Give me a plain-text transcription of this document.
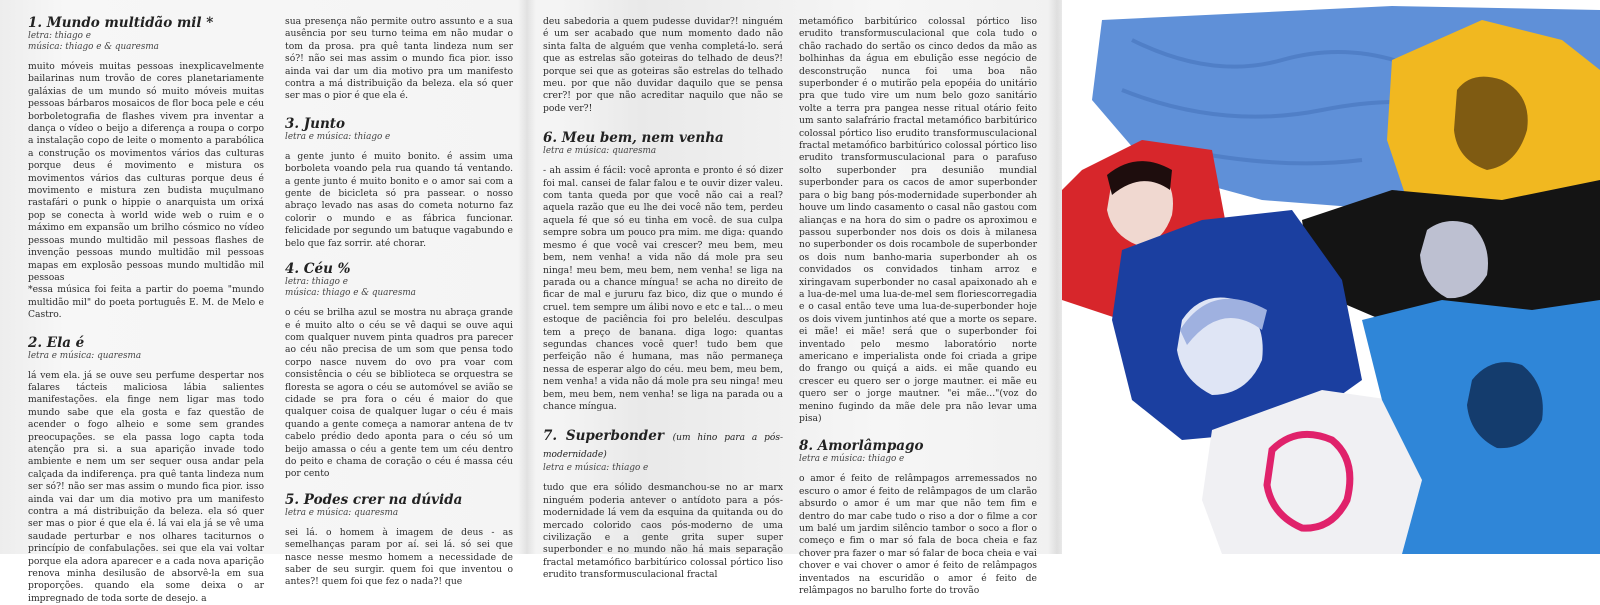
1. Mundo multidão mil *
letra: thiago e
música: thiago e & quaresma

muito móveis muitas pessoas inexplicavelmente bailarinas num trovão de cores planetariamente galáxias de um mundo só muito móveis muitas pessoas bárbaros mosaicos de flor boca pele e céu borboletografia de flashes vivem pra inventar a dança o vídeo o beijo a diferença a roupa o corpo a instalação copo de leite o momento a parabólica a construção os movimentos vários das culturas porque deus é movimento e mistura os movimentos vários das culturas porque deus é movimento e mistura zen budista muçulmano rastafári o punk o hippie o anarquista um orixá pop se conecta à world wide web o ruim e o máximo em expansão um brilho cósmico no vídeo pessoas mundo multidão mil pessoas flashes de invenção pessoas mundo multidão mil pessoas mapas em explosão pessoas mundo multidão mil pessoas

*essa música foi feita a partir do poema "mundo multidão mil" do poeta português E. M. de Melo e Castro.

2. Ela é
letra e música: quaresma

lá vem ela. já se ouve seu perfume despertar nos falares tácteis maliciosa lábia salientes manifestações. ela finge nem ligar mas todo mundo sabe que ela gosta e faz questão de acender o fogo alheio e some sem grandes preocupações. se ela passa logo capta toda atenção pra si. a sua aparição invade todo ambiente e nem um ser sequer ousa andar pela calçada da indiferença. pra quê tanta lindeza num ser só?! não ser mas assim o mundo fica pior. isso ainda vai dar um dia motivo pra um manifesto contra a má distribuição da beleza. ela só quer ser mas o pior é que ela é. lá vai ela já se vê uma saudade perturbar e nos olhares taciturnos o princípio de confabulações. sei que ela vai voltar porque ela adora aparecer e a cada nova aparição renova minha desilusão de absorvê-la em sua proporções. quando ela some deixa o ar impregnado de toda sorte de desejo. a

sua presença não permite outro assunto e a sua ausência por seu turno teima em não mudar o tom da prosa. pra quê tanta lindeza num ser só?! não sei mas assim o mundo fica pior. isso ainda vai dar um dia motivo pra um manifesto contra a má distribuição da beleza. ela só quer ser mas o pior é que ela é.

3. Junto
letra e música: thiago e

a gente junto é muito bonito. é assim uma borboleta voando pela rua quando tá ventando. a gente junto é muito bonito e o amor sai com a gente de bicicleta só pra passear. o nosso abraço levado nas asas do cometa noturno faz colorir o mundo e as fábrica funcionar. felicidade por segundo um batuque vagabundo e belo que faz sorrir. até chorar.

4. Céu %
letra: thiago e
música: thiago e & quaresma

o céu se brilha azul se mostra nu abraça grande e é muito alto o céu se vê daqui se ouve aqui com qualquer nuvem pinta quadros pra parecer ao céu não precisa de um som que pensa todo corpo nasce nuvem do ovo pra voar com consistência o céu se biblioteca se orquestra se floresta se agora o céu se automóvel se avião se cidade se pra fora o céu é maior do que qualquer coisa de qualquer lugar o céu é mais quando a gente começa a namorar antena de tv cabelo prédio dedo aponta para o céu só um beijo amassa o céu a gente tem um céu dentro do peito e chama de coração o céu é massa céu por cento

5. Podes crer na dúvida
letra e música: quaresma

sei lá. o homem à imagem de deus - as semelhanças param por aí. sei lá. só sei que nasce nesse mesmo homem a necessidade de saber de seu surgir. quem foi que inventou o antes?! quem foi que fez o nada?! que

deu sabedoria a quem pudesse duvidar?! ninguém é um ser acabado que num momento dado não sinta falta de alguém que venha completá-lo. será que as estrelas são goteiras do telhado de deus?! porque sei que as goteiras são estrelas do telhado meu. por que não duvidar daquilo que se pensa crer?! por que não acreditar naquilo que não se pode ver?!

6. Meu bem, nem venha
letra e música: quaresma

- ah assim é fácil: você apronta e pronto é só dizer foi mal. cansei de falar falou e te ouvir dizer valeu. com tanta queda por que você não cai a real? aquela razão que eu lhe dei você não tem, perdeu aquela fé que só eu tinha em você. de sua culpa sempre sobra um pouco pra mim. me diga: quando mesmo é que você vai crescer? meu bem, meu bem, nem venha! a vida não dá mole pra seu ninga! meu bem, meu bem, nem venha! se liga na parada ou a chance míngua! se acha no direito de ficar de mal e jururu faz bico, diz que o mundo é cruel. tem sempre um álibi novo e etc e tal... o meu estoque de paciência foi pro beleléu. desculpas tem a preço de banana. diga logo: quantas segundas chances você quer! tudo bem que perfeição não é humana, mas não permaneça nessa de esperar algo do céu. meu bem, meu bem, nem venha! a vida não dá mole pra seu ninga! meu bem, meu bem, nem venha! se liga na parada ou a chance míngua.

7. Superbonder (um hino para a pós-modernidade)
letra e música: thiago e

tudo que era sólido desmanchou-se no ar marx ninguém poderia antever o antídoto para a pós-modernidade lá vem da esquina da quitanda ou do mercado colorido caos pós-moderno de uma civilização e a gente grita super super superbonder e no mundo não há mais separação fractal metamófico barbitúrico colossal pórtico liso erudito transformusculacional fractal

metamófico barbitúrico colossal pórtico liso erudito transformusculacional que cola tudo o chão rachado do sertão os cinco dedos da mão as bolhinhas da água em ebulição esse negócio de desconstrução nunca foi uma boa não superbonder é o mutirão pela epopéia do unitário pra que tudo vire um num belo gozo sanitário volte a terra pra pangea nesse ritual otário feito um santo salafrário fractal metamófico barbitúrico colossal pórtico liso erudito transformusculacional fractal metamófico barbitúrico colossal pórtico liso erudito transformusculacional para o parafuso solto superbonder pra desunião mundial superbonder para os cacos de amor superbonder para o big bang pós-modernidade superbonder ah houve um lindo casamento o casal não gastou com alianças e na hora do sim o padre os aproximou e passou superbonder nos dois os dois à milanesa no superbonder os dois rocambole de superbonder os dois num banho-maria superbonder ah os convidados os convidados tinham arroz e xiringavam superbonder no casal apaixonado ah e a lua-de-mel uma lua-de-mel sem floriescorregadia e o casal então teve uma lua-de-superbonder hoje os dois vivem juntinhos até que a morte os separe. ei mãe! ei mãe! será que o superbonder foi inventado pelo mesmo laboratório norte americano e imperialista onde foi criada a gripe do frango ou quiçá a aids. ei mãe quando eu crescer eu quero ser o jorge mautner. ei mãe eu quero ser o jorge mautner. "ei mãe..."(voz do menino fugindo da mãe dele pra não levar uma pisa)

8. Amorlâmpago
letra e música: thiago e

o amor é feito de relâmpagos arremessados no escuro o amor é feito de relâmpagos de um clarão absurdo o amor é um mar que não tem fim e dentro do mar cabe tudo o riso a dor o filme a cor um balé um jardim silêncio tambor o soco a flor o começo e fim o mar só fala de boca cheia e faz chover pra fazer o mar só falar de boca cheia e vai chover e vai chover o amor é feito de relâmpagos inventados na escuridão o amor é feito de relâmpagos no barulho forte do trovão
